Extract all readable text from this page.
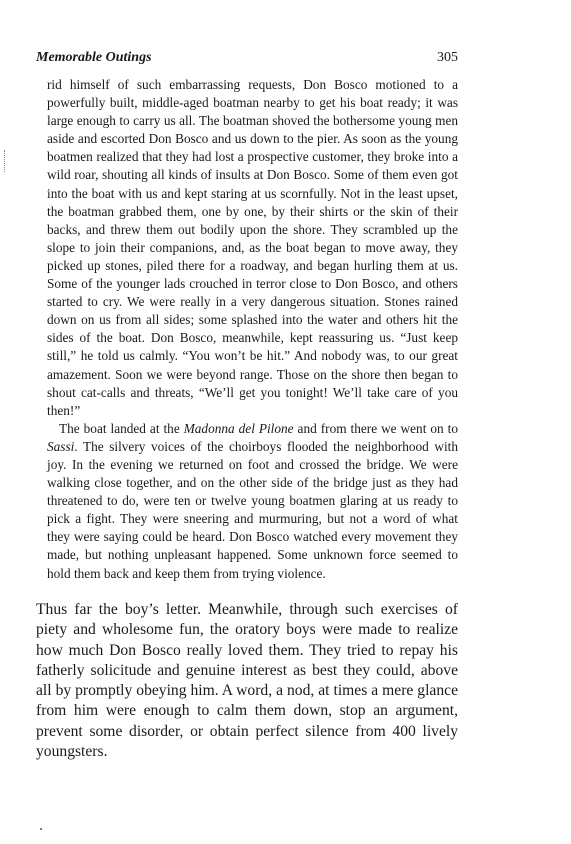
Memorable Outings	305

rid himself of such embarrassing requests, Don Bosco motioned to a powerfully built, middle-aged boatman nearby to get his boat ready; it was large enough to carry us all. The boatman shoved the bothersome young men aside and escorted Don Bosco and us down to the pier. As soon as the young boatmen realized that they had lost a prospective customer, they broke into a wild roar, shouting all kinds of insults at Don Bosco. Some of them even got into the boat with us and kept staring at us scornfully. Not in the least upset, the boatman grabbed them, one by one, by their shirts or the skin of their backs, and threw them out bodily upon the shore. They scrambled up the slope to join their companions, and, as the boat began to move away, they picked up stones, piled there for a roadway, and began hurling them at us. Some of the younger lads crouched in terror close to Don Bosco, and others started to cry. We were really in a very dangerous situation. Stones rained down on us from all sides; some splashed into the water and others hit the sides of the boat. Don Bosco, meanwhile, kept reassuring us. “Just keep still,” he told us calmly. “You won’t be hit.” And nobody was, to our great amazement. Soon we were beyond range. Those on the shore then began to shout cat-calls and threats, “We’ll get you tonight! We’ll take care of you then!”

The boat landed at the Madonna del Pilone and from there we went on to Sassi. The silvery voices of the choirboys flooded the neighborhood with joy. In the evening we returned on foot and crossed the bridge. We were walking close together, and on the other side of the bridge just as they had threatened to do, were ten or twelve young boatmen glaring at us ready to pick a fight. They were sneering and murmuring, but not a word of what they were saying could be heard. Don Bosco watched every movement they made, but nothing unpleasant happened. Some unknown force seemed to hold them back and keep them from trying violence.

Thus far the boy’s letter. Meanwhile, through such exercises of piety and wholesome fun, the oratory boys were made to realize how much Don Bosco really loved them. They tried to repay his fatherly solicitude and genuine interest as best they could, above all by promptly obeying him. A word, a nod, at times a mere glance from him were enough to calm them down, stop an argument, prevent some disorder, or obtain perfect silence from 400 lively youngsters.
